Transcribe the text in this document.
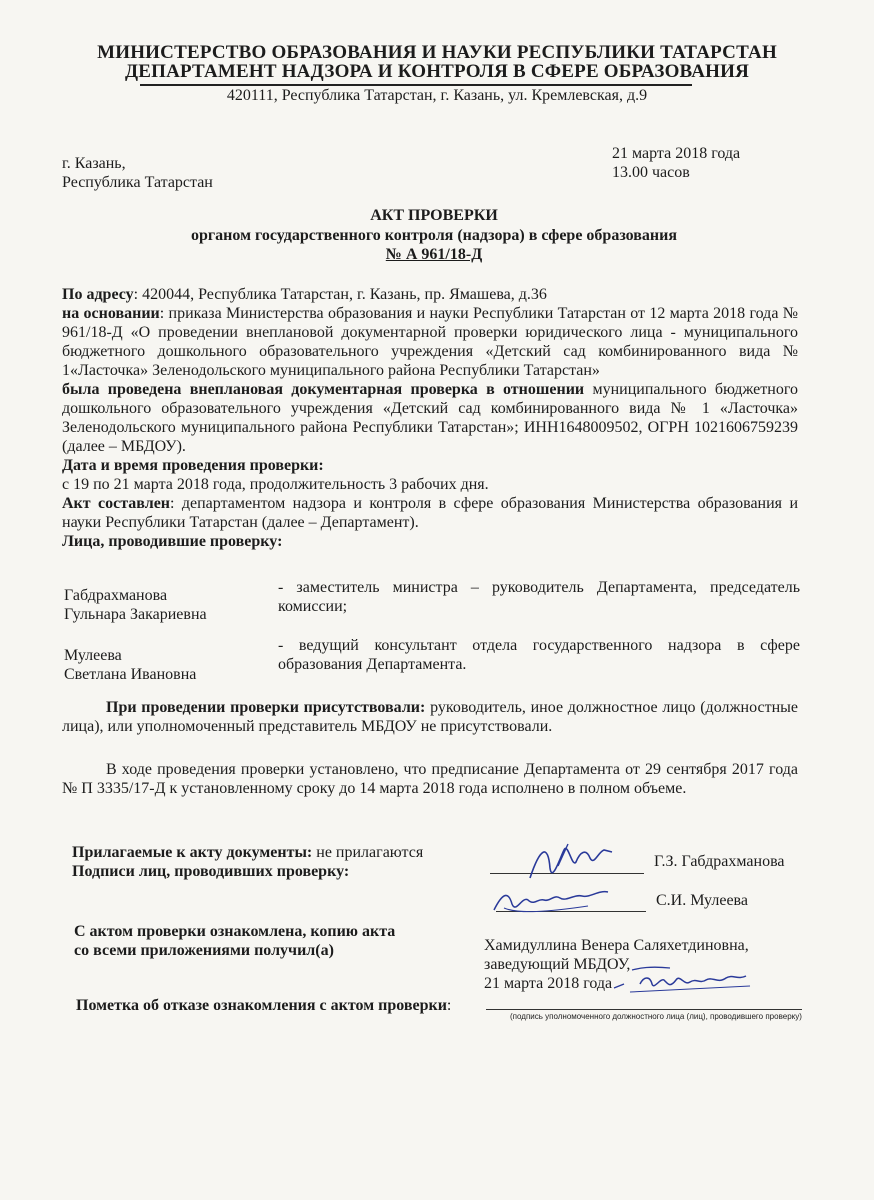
МИНИСТЕРСТВО ОБРАЗОВАНИЯ И НАУКИ РЕСПУБЛИКИ ТАТАРСТАН
ДЕПАРТАМЕНТ НАДЗОРА И КОНТРОЛЯ В СФЕРЕ ОБРАЗОВАНИЯ
420111, Республика Татарстан, г. Казань, ул. Кремлевская, д.9
г. Казань,
Республика Татарстан
21 марта 2018 года
13.00 часов
АКТ ПРОВЕРКИ
органом государственного контроля (надзора) в сфере образования
№ А 961/18-Д

По адресу: 420044, Республика Татарстан, г. Казань, пр. Ямашева, д.36

на основании: приказа Министерства образования и науки Республики Татарстан от 12 марта 2018 года № 961/18-Д «О проведении внеплановой документарной проверки юридического лица - муниципального бюджетного дошкольного образовательного учреждения «Детский сад комбинированного вида № 1«Ласточка» Зеленодольского муниципального района Республики Татарстан»

была проведена внеплановая документарная проверка в отношении муниципального бюджетного дошкольного образовательного учреждения «Детский сад комбинированного вида № 1 «Ласточка» Зеленодольского муниципального района Республики Татарстан»; ИНН1648009502, ОГРН 1021606759239 (далее – МБДОУ).

Дата и время проведения проверки:

с 19 по 21 марта 2018 года, продолжительность 3 рабочих дня.

Акт составлен: департаментом надзора и контроля в сфере образования Министерства образования и науки Республики Татарстан (далее – Департамент).

Лица, проводившие проверку:

Габдрахманова
Гульнара Закариевна
- заместитель министра – руководитель Департамента, председатель комиссии;
Мулеева
Светлана Ивановна
- ведущий консультант отдела государственного надзора в сфере образования Департамента.

При проведении проверки присутствовали: руководитель, иное должностное лицо (должностные лица), или уполномоченный представитель МБДОУ не присутствовали.

В ходе проведения проверки установлено, что предписание Департамента от 29 сентября 2017 года № П 3335/17-Д к установленному сроку до 14 марта 2018 года исполнено в полном объеме.

Прилагаемые к акту документы: не прилагаются
Подписи лиц, проводивших проверку:
Г.З. Габдрахманова
С.И. Мулеева
С актом проверки ознакомлена, копию акта
со всеми приложениями получил(а)	Хамидуллина Венера Саляхетдиновна,
заведующий МБДОУ,
21 марта 2018 года
Пометка об отказе ознакомления с актом проверки:
(подпись уполномоченного должностного лица (лиц), проводившего проверку)
